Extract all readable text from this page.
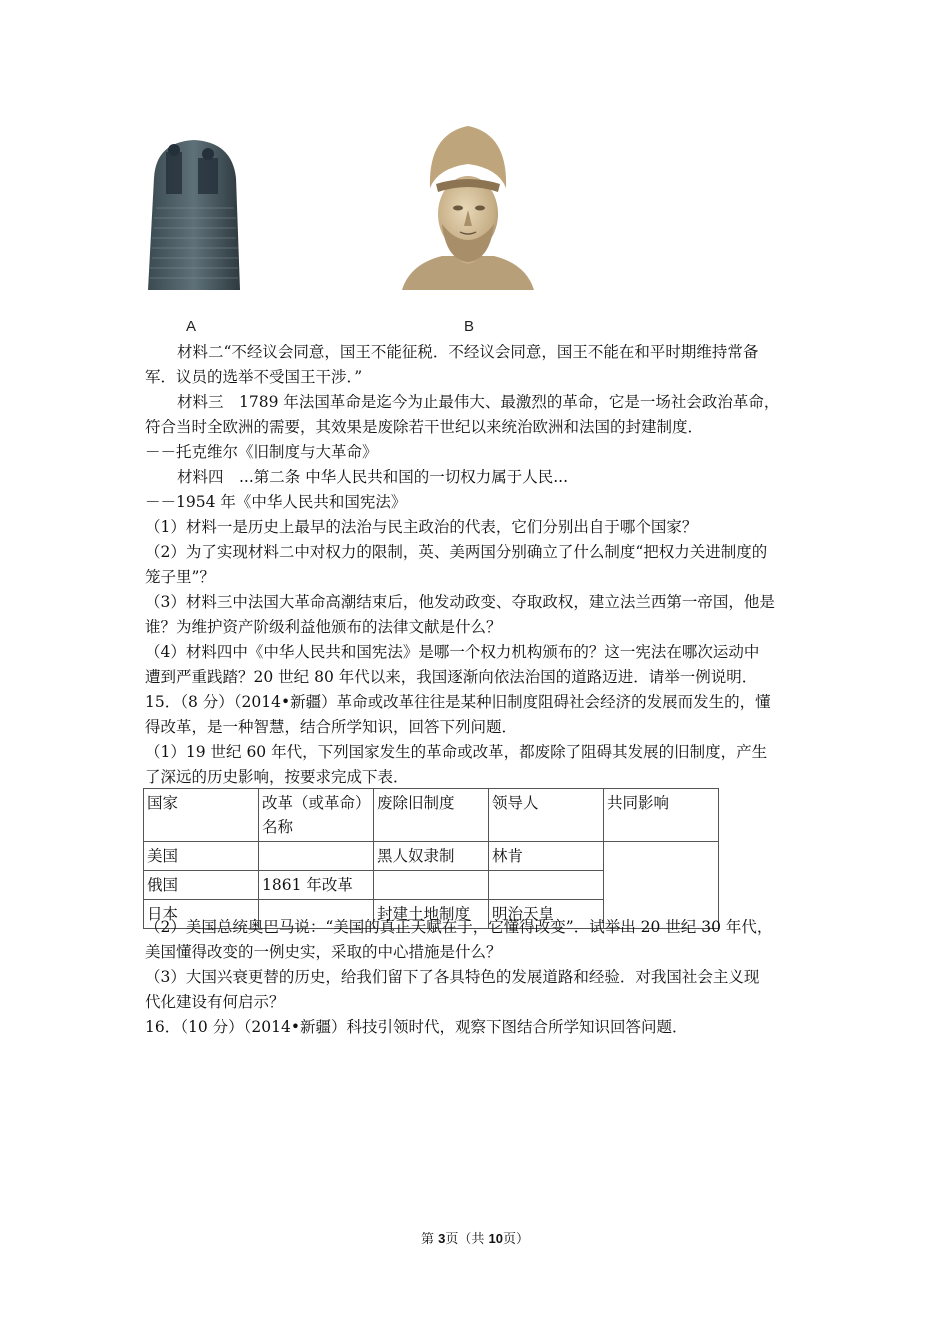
A	B
材料二“不经议会同意，国王不能征税．不经议会同意，国王不能在和平时期维持常备
军．议员的选举不受国王干涉．”
材料三　1789 年法国革命是迄今为止最伟大、最激烈的革命，它是一场社会政治革命，
符合当时全欧洲的需要，其效果是废除若干世纪以来统治欧洲和法国的封建制度．
－－托克维尔《旧制度与大革命》
材料四　...第二条 中华人民共和国的一切权力属于人民...
－－1954 年《中华人民共和国宪法》
（1）材料一是历史上最早的法治与民主政治的代表，它们分别出自于哪个国家？
（2）为了实现材料二中对权力的限制，英、美两国分别确立了什么制度“把权力关进制度的
笼子里”？
（3）材料三中法国大革命高潮结束后，他发动政变、夺取政权，建立法兰西第一帝国，他是
谁？为维护资产阶级利益他颁布的法律文献是什么？
（4）材料四中《中华人民共和国宪法》是哪一个权力机构颁布的？这一宪法在哪次运动中
遭到严重践踏？20 世纪 80 年代以来，我国逐渐向依法治国的道路迈进．请举一例说明．
15．（8 分）（2014•新疆）革命或改革往往是某种旧制度阻碍社会经济的发展而发生的，懂
得改革，是一种智慧，结合所学知识，回答下列问题．
（1）19 世纪 60 年代，下列国家发生的革命或改革，都废除了阻碍其发展的旧制度，产生
了深远的历史影响，按要求完成下表．
国家	改革（或革命）名称	废除旧制度	领导人	共同影响
美国		黑人奴隶制	林肯	
俄国	1861 年改革			
日本		封建土地制度	明治天皇	
（2）美国总统奥巴马说：“美国的真正天赋在于，它懂得改变”．试举出 20 世纪 30 年代，
美国懂得改变的一例史实，采取的中心措施是什么？
（3）大国兴衰更替的历史，给我们留下了各具特色的发展道路和经验．对我国社会主义现
代化建设有何启示？
16．（10 分）（2014•新疆）科技引领时代，观察下图结合所学知识回答问题．
第 3页（共 10页）
